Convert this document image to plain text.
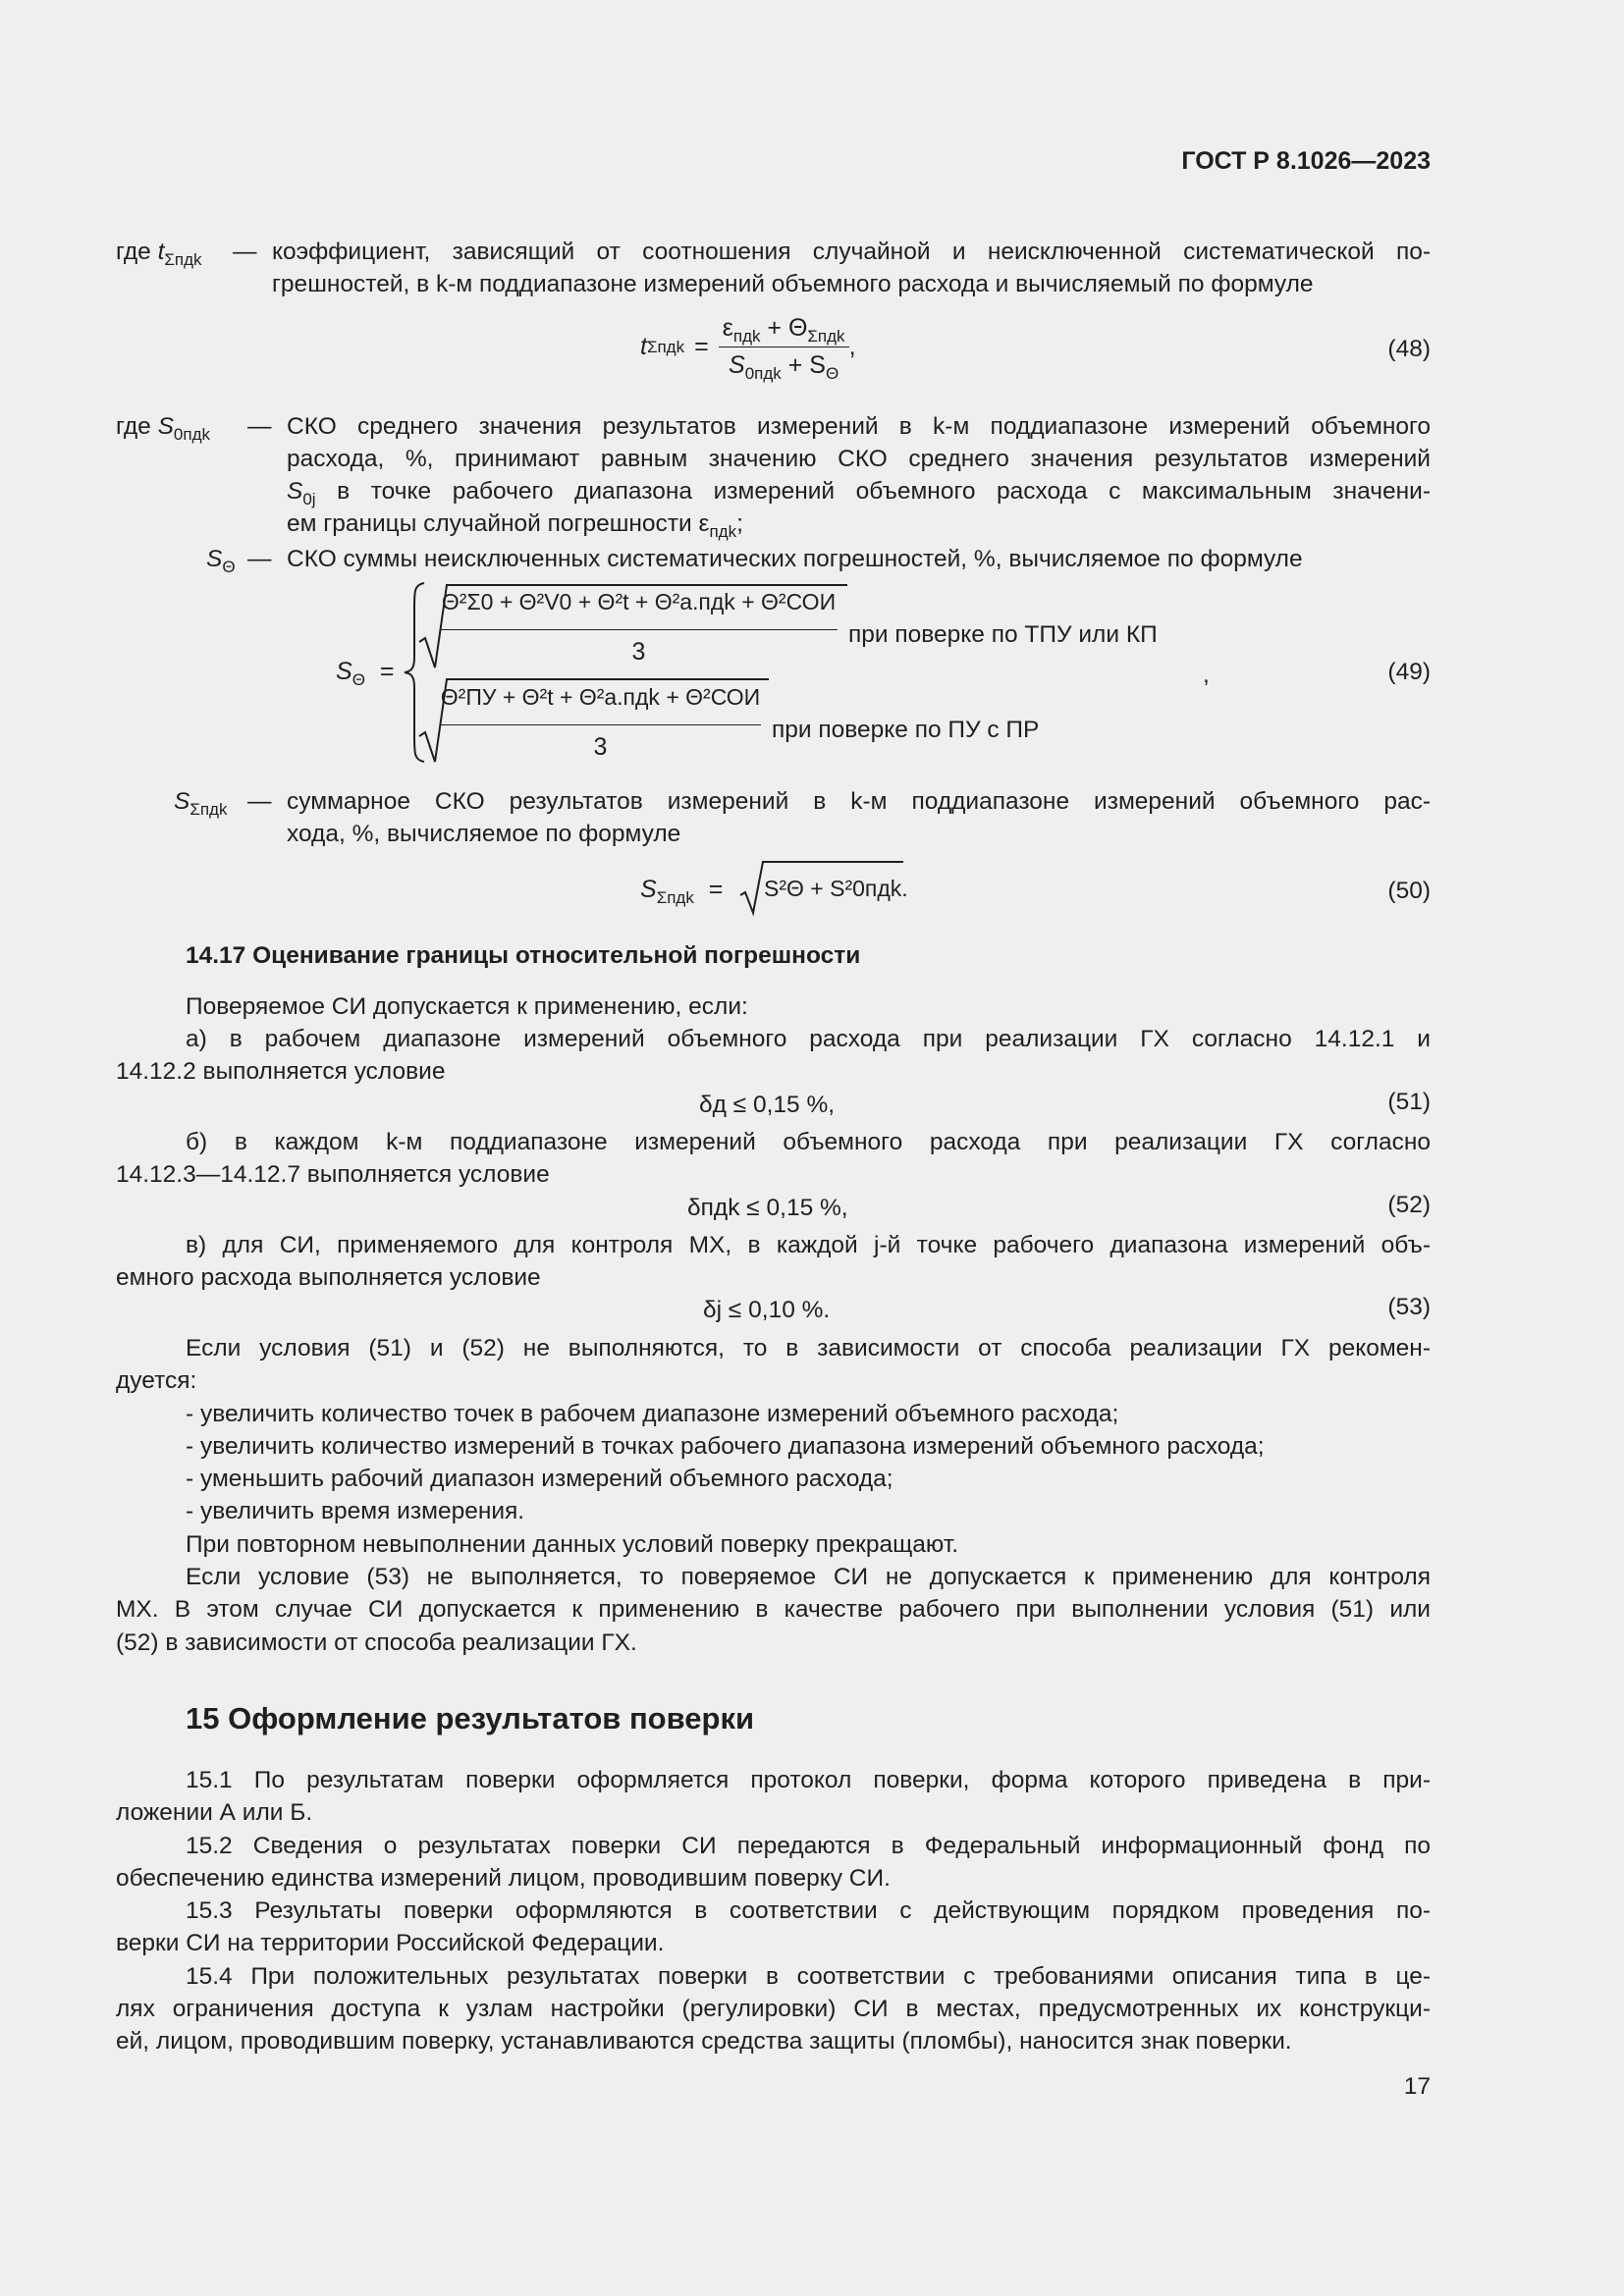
ГОСТ Р 8.1026—2023
где $t_{\Sigma пдk}$ — коэффициент, зависящий от соотношения случайной и неисключенной систематической по-
грешностей, в k-м поддиапазоне измерений объемного расхода и вычисляемый по формуле
t $\Sigma пдk = \frac{\varepsilon_{пдk} + \Theta_{\Sigma пдk}}{S_{0пдk} + S_\Theta}$ ,	(48)
где $S_{0пдk}$ — СКО среднего значения результатов измерений в k-м поддиапазоне измерений объемного
расхода, %, принимают равным значению СКО среднего значения результатов измерений
$S_{0j}$ в точке рабочего диапазона измерений объемного расхода с максимальным значени-
ем границы случайной погрешности $\varepsilon_{пдk}$;
$S_\Theta$ — СКО суммы неисключенных систематических погрешностей, %, вычисляемое по формуле
$S_\Theta$ =
Θ²Σ0 + Θ²V0 + Θ²t + Θ²а.пдk + Θ²СОИ
3
при поверке по ТПУ или КП
Θ²ПУ + Θ²t + Θ²а.пдk + Θ²СОИ
3
при поверке по ПУ с ПР
,	(49)
$S_{\Sigma пдk}$ — суммарное СКО результатов измерений в k-м поддиапазоне измерений объемного рас-
хода, %, вычисляемое по формуле
$S_{\Sigma пдk} = S^2\Theta + S^20пдk$.	(50)
14.17 Оценивание границы относительной погрешности
Поверяемое СИ допускается к применению, если:
а) в рабочем диапазоне измерений объемного расхода при реализации ГХ согласно 14.12.1 и
14.12.2 выполняется условие
δд ≤ 0,15 %,	(51)
б) в каждом k-м поддиапазоне измерений объемного расхода при реализации ГХ согласно
14.12.3—14.12.7 выполняется условие
δпдk ≤ 0,15 %,	(52)
в) для СИ, применяемого для контроля МХ, в каждой j-й точке рабочего диапазона измерений объ-
емного расхода выполняется условие
δj ≤ 0,10 %.	(53)
Если условия (51) и (52) не выполняются, то в зависимости от способа реализации ГХ рекомен-
дуется:
- увеличить количество точек в рабочем диапазоне измерений объемного расхода;
- увеличить количество измерений в точках рабочего диапазона измерений объемного расхода;
- уменьшить рабочий диапазон измерений объемного расхода;
- увеличить время измерения.
При повторном невыполнении данных условий поверку прекращают.
Если условие (53) не выполняется, то поверяемое СИ не допускается к применению для контроля
МХ. В этом случае СИ допускается к применению в качестве рабочего при выполнении условия (51) или
(52) в зависимости от способа реализации ГХ.
15 Оформление результатов поверки
15.1 По результатам поверки оформляется протокол поверки, форма которого приведена в при-
ложении А или Б.
15.2 Сведения о результатах поверки СИ передаются в Федеральный информационный фонд по
обеспечению единства измерений лицом, проводившим поверку СИ.
15.3 Результаты поверки оформляются в соответствии с действующим порядком проведения по-
верки СИ на территории Российской Федерации.
15.4 При положительных результатах поверки в соответствии с требованиями описания типа в це-
лях ограничения доступа к узлам настройки (регулировки) СИ в местах, предусмотренных их конструкци-
ей, лицом, проводившим поверку, устанавливаются средства защиты (пломбы), наносится знак поверки.
17
